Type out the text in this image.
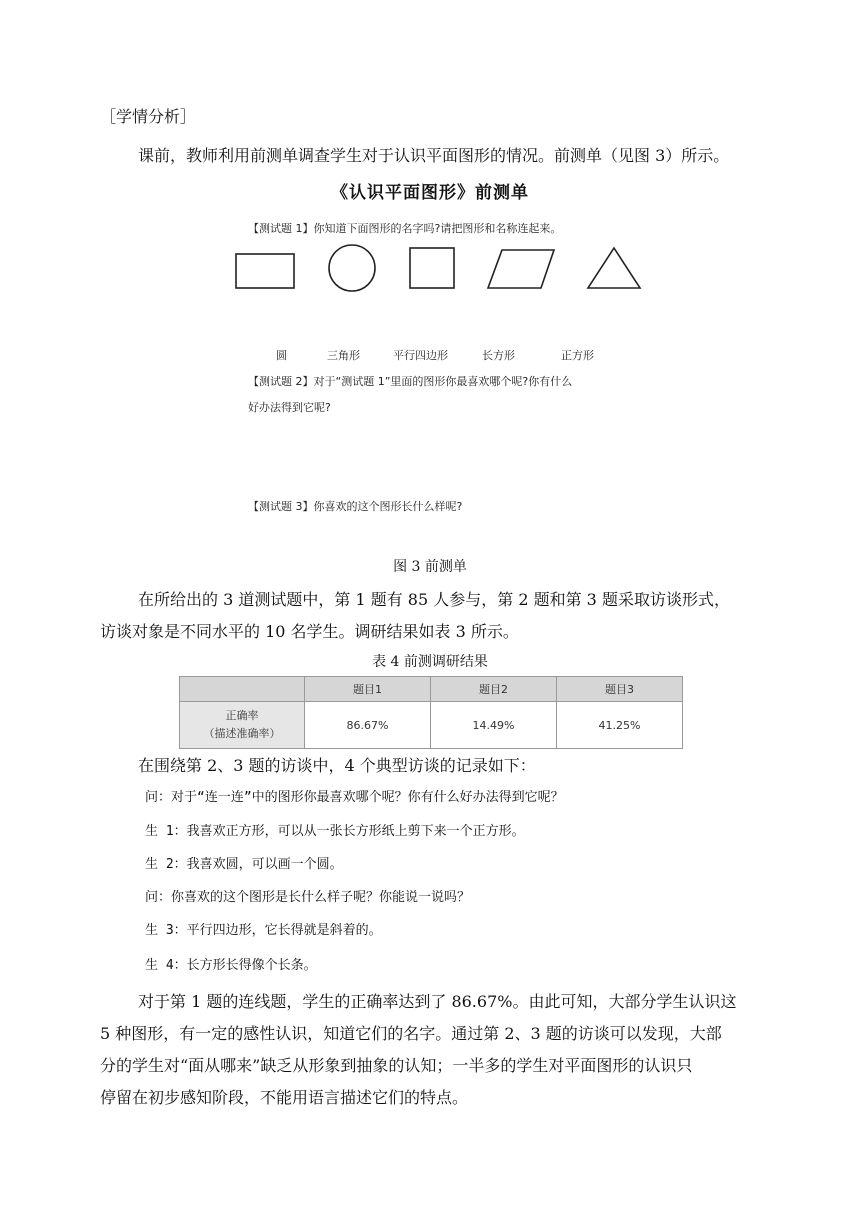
［学情分析］
课前，教师利用前测单调查学生对于认识平面图形的情况。前测单（见图 3）所示。
《认识平面图形》前测单
【测试题 1】你知道下面图形的名字吗?请把图形和名称连起来。
圆	三角形	平行四边形	长方形	正方形
【测试题 2】对于“测试题 1”里面的图形你最喜欢哪个呢?你有什么
好办法得到它呢?
【测试题 3】你喜欢的这个图形长什么样呢?
图 3 前测单
在所给出的 3 道测试题中，第 1 题有 85 人参与，第 2 题和第 3 题采取访谈形式，
访谈对象是不同水平的 10 名学生。调研结果如表 3 所示。
表 4 前测调研结果
	题目1	题目2	题目3

正确率
（描述准确率）	86.67%	14.49%	41.25%
在围绕第 2、3 题的访谈中，4 个典型访谈的记录如下：
问：对于“连一连”中的图形你最喜欢哪个呢？你有什么好办法得到它呢？
生 1：我喜欢正方形，可以从一张长方形纸上剪下来一个正方形。
生 2：我喜欢圆，可以画一个圆。
问：你喜欢的这个图形是长什么样子呢？你能说一说吗？
生 3：平行四边形，它长得就是斜着的。
生 4：长方形长得像个长条。
对于第 1 题的连线题，学生的正确率达到了 86.67%。由此可知，大部分学生认识这
5 种图形，有一定的感性认识，知道它们的名字。通过第 2、3 题的访谈可以发现，大部
分的学生对“面从哪来”缺乏从形象到抽象的认知；一半多的学生对平面图形的认识只
停留在初步感知阶段，不能用语言描述它们的特点。
